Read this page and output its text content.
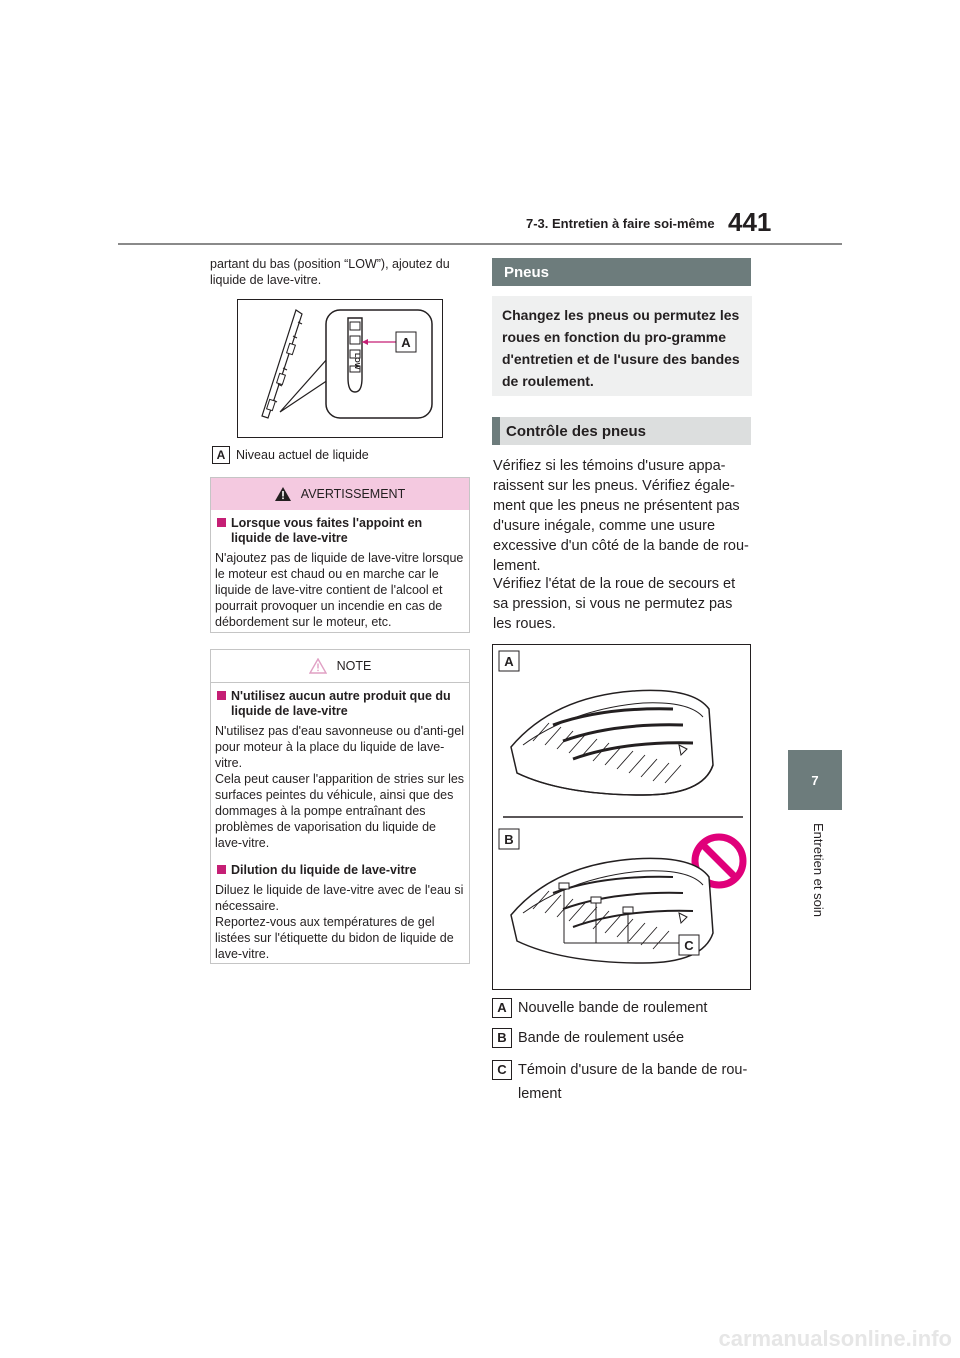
7-3. Entretien à faire soi-même 441
7
Entretien et soin
partant du bas (position “LOW”), ajoutez du liquide de lave-vitre.
LOW
A
A Niveau actuel de liquide
AVERTISSEMENT
Lorsque vous faites l'appoint en liquide de lave-vitre
N'ajoutez pas de liquide de lave-vitre lorsque le moteur est chaud ou en marche car le liquide de lave-vitre contient de l'alcool et pourrait provoquer un incendie en cas de débordement sur le moteur, etc.
NOTE
N'utilisez aucun autre produit que du liquide de lave-vitre
N'utilisez pas d'eau savonneuse ou d'anti-gel pour moteur à la place du liquide de lave-vitre.
Cela peut causer l'apparition de stries sur les surfaces peintes du véhicule, ainsi que des dommages à la pompe entraînant des problèmes de vaporisation du liquide de lave-vitre.
Dilution du liquide de lave-vitre
Diluez le liquide de lave-vitre avec de l'eau si nécessaire.
Reportez-vous aux températures de gel listées sur l'étiquette du bidon de liquide de lave-vitre.
Pneus
Changez les pneus ou permutez les roues en fonction du pro-gramme d'entretien et de l'usure des bandes de roulement.
Contrôle des pneus
Vérifiez si les témoins d'usure appa-raissent sur les pneus. Vérifiez égale-ment que les pneus ne présentent pas d'usure inégale, comme une usure excessive d'un côté de la bande de rou-lement.
Vérifiez l'état de la roue de secours et sa pression, si vous ne permutez pas les roues.
A
B
C
A Nouvelle bande de roulement
B Bande de roulement usée
C Témoin d'usure de la bande de rou-lement
carmanualsonline.info
